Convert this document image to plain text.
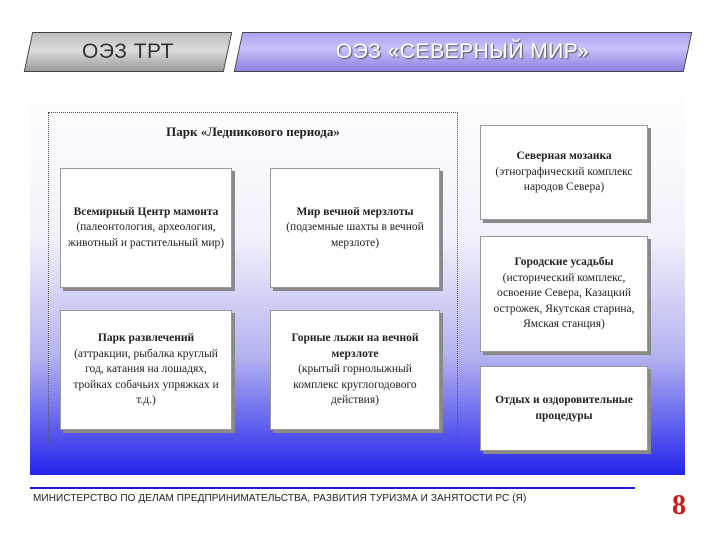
ОЭЗ ТРТ	ОЭЗ «СЕВЕРНЫЙ МИР»
Парк «Ледникового периода»
Всемирный Центр мамонта
(палеонтология, археология, животный и растительный мир)
Мир вечной мерзлоты
(подземные шахты в вечной мерзлоте)
Парк развлечений
(аттракции, рыбалка круглый год, катания на лошадях, тройках собачьих упряжках и т.д.)
Горные лыжи на вечной мерзлоте
(крытый горнолыжный комплекс круглогодового действия)
Северная мозаика
(этнографический комплекс народов Севера)
Городские усадьбы
(исторический комплекс, освоение Севера, Казацкий острожек, Якутская старина, Ямская станция)
Отдых и оздоровительные процедуры
МИНИСТЕРСТВО ПО ДЕЛАМ ПРЕДПРИНИМАТЕЛЬСТВА, РАЗВИТИЯ ТУРИЗМА И ЗАНЯТОСТИ РС (Я)	8
